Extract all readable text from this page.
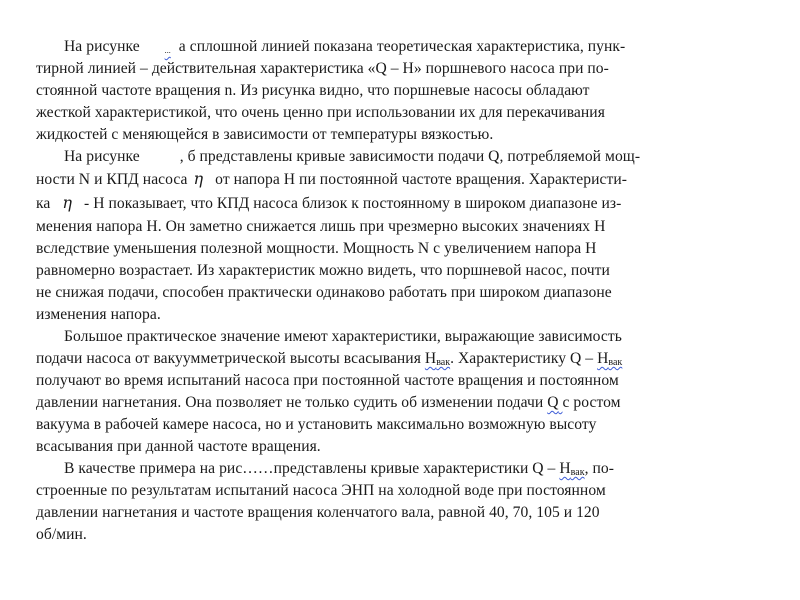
На рисунке	... а сплошной линией показана теоретическая характеристика, пунк-
тирной линией – действительная характеристика «Q – H» поршневого насоса при по-
стоянной частоте вращения n. Из рисунка видно, что поршневые насосы обладают
жесткой характеристикой, что очень ценно при использовании их для перекачивания
жидкостей с меняющейся в зависимости от температуры вязкостью.
На рисунке	, б представлены кривые зависимости подачи Q, потребляемой мощ-
ности N и КПД насоса η от напора H пи постоянной частоте вращения. Характеристи-
ка η - H показывает, что КПД насоса близок к постоянному в широком диапазоне из-
менения напора H. Он заметно снижается лишь при чрезмерно высоких значениях H
вследствие уменьшения полезной мощности. Мощность N с увеличением напора H
равномерно возрастает. Из характеристик можно видеть, что поршневой насос, почти
не снижая подачи, способен практически одинаково работать при широком диапазоне
изменения напора.
Большое практическое значение имеют характеристики, выражающие зависимость
подачи насоса от вакуумметрической высоты всасывания $H_{вак}$. Характеристику Q – $H_{вак}$
получают во время испытаний насоса при постоянной частоте вращения и постоянном
давлении нагнетания. Она позволяет не только судить об изменении подачи Q с ростом
вакуума в рабочей камере насоса, но и установить максимально возможную высоту
всасывания при данной частоте вращения.
В качестве примера на рис……представлены кривые характеристики Q – $H_{вак}$, по-
строенные по результатам испытаний насоса ЭНП на холодной воде при постоянном
давлении нагнетания и частоте вращения коленчатого вала, равной 40, 70, 105 и 120
об/мин.
